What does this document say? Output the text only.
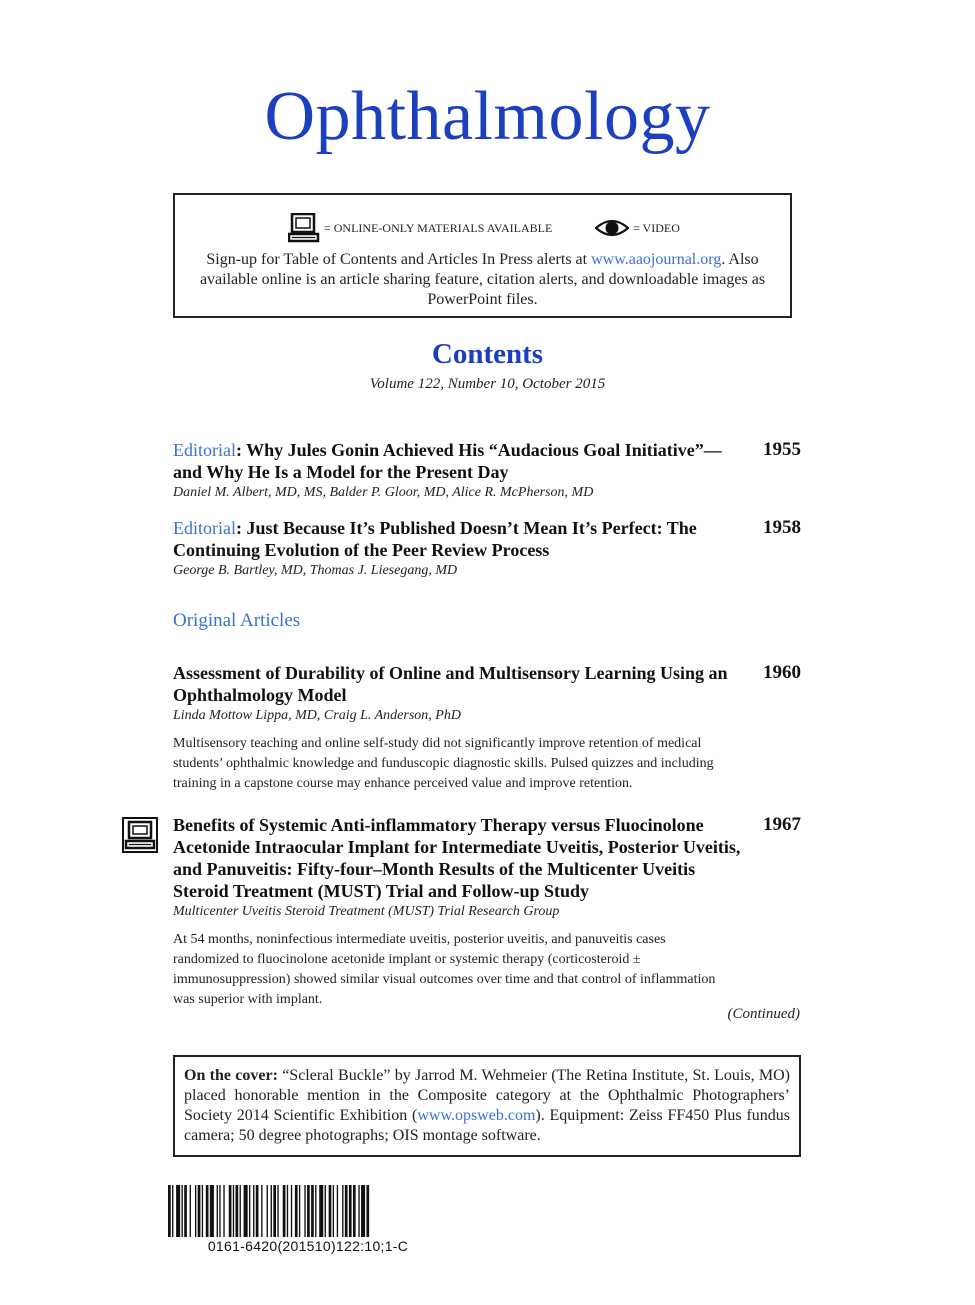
Ophthalmology
= ONLINE-ONLY MATERIALS AVAILABLE	= VIDEO
Sign-up for Table of Contents and Articles In Press alerts at www.aaojournal.org. Also available online is an article sharing feature, citation alerts, and downloadable images as PowerPoint files.
Contents
Volume 122, Number 10, October 2015
Editorial: Why Jules Gonin Achieved His “Audacious Goal Initiative”—and Why He Is a Model for the Present Day
1955
Daniel M. Albert, MD, MS, Balder P. Gloor, MD, Alice R. McPherson, MD
Editorial: Just Because It’s Published Doesn’t Mean It’s Perfect: The Continuing Evolution of the Peer Review Process
1958
George B. Bartley, MD, Thomas J. Liesegang, MD
Original Articles
Assessment of Durability of Online and Multisensory Learning Using an Ophthalmology Model
1960
Linda Mottow Lippa, MD, Craig L. Anderson, PhD
Multisensory teaching and online self-study did not significantly improve retention of medical students’ ophthalmic knowledge and funduscopic diagnostic skills. Pulsed quizzes and including training in a capstone course may enhance perceived value and improve retention.
Benefits of Systemic Anti-inflammatory Therapy versus Fluocinolone Acetonide Intraocular Implant for Intermediate Uveitis, Posterior Uveitis, and Panuveitis: Fifty-four–Month Results of the Multicenter Uveitis Steroid Treatment (MUST) Trial and Follow-up Study
1967
Multicenter Uveitis Steroid Treatment (MUST) Trial Research Group
At 54 months, noninfectious intermediate uveitis, posterior uveitis, and panuveitis cases randomized to fluocinolone acetonide implant or systemic therapy (corticosteroid ± immunosuppression) showed similar visual outcomes over time and that control of inflammation was superior with implant.
(Continued)
On the cover: “Scleral Buckle” by Jarrod M. Wehmeier (The Retina Institute, St. Louis, MO) placed honorable mention in the Composite category at the Ophthalmic Photographers’ Society 2014 Scientific Exhibition (www.opsweb.com). Equipment: Zeiss FF450 Plus fundus camera; 50 degree photographs; OIS montage software.
0161-6420(201510)122:10;1-C
